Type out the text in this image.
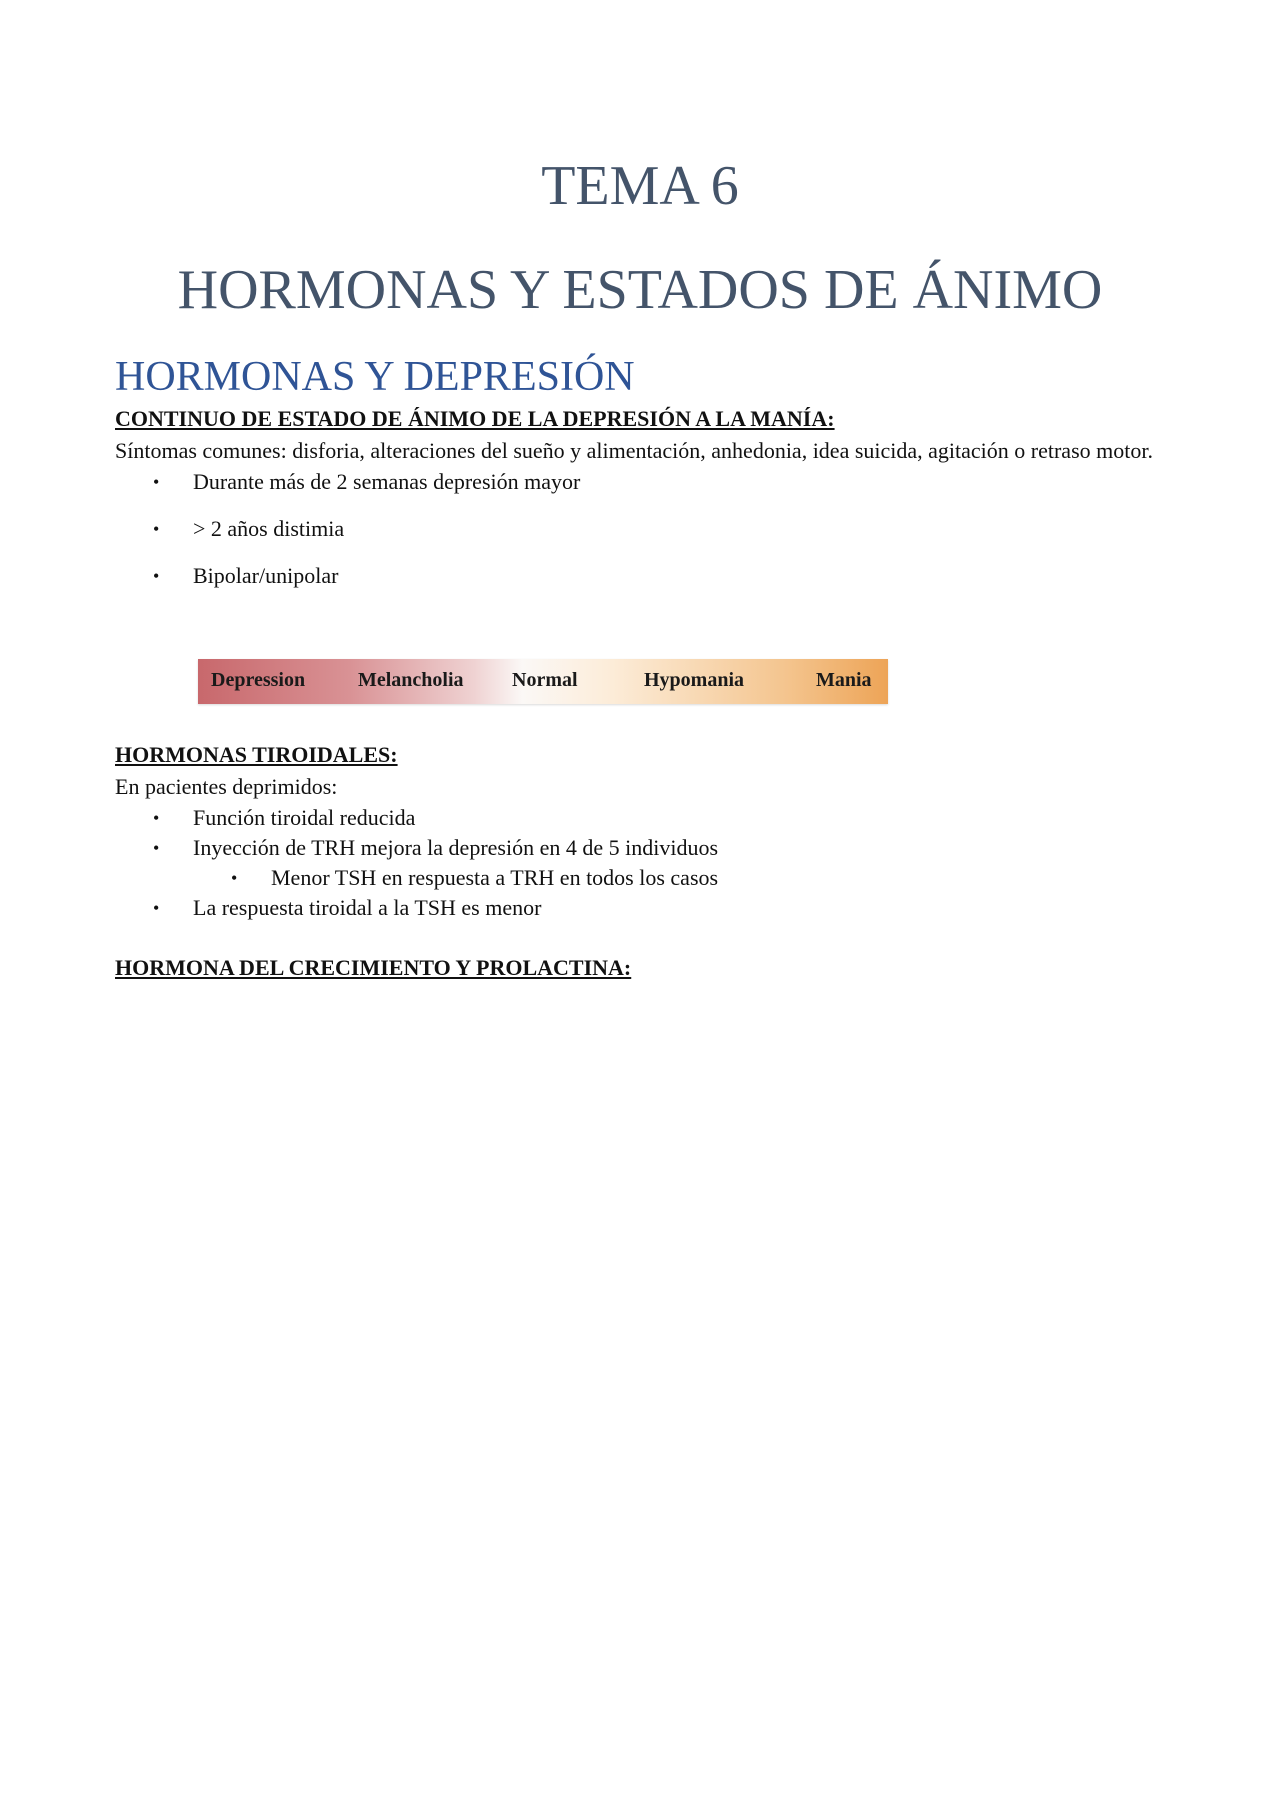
TEMA 6
HORMONAS Y ESTADOS DE ÁNIMO
HORMONAS Y DEPRESIÓN
CONTINUO DE ESTADO DE ÁNIMO DE LA DEPRESIÓN A LA MANÍA:

Síntomas comunes: disforia, alteraciones del sueño y alimentación, anhedonia, idea suicida, agitación o retraso motor.

• Durante más de 2 semanas depresión mayor
• > 2 años distimia
• Bipolar/unipolar
Depression	Melancholia Normal	Hypomania	Mania
HORMONAS TIROIDALES:

En pacientes deprimidos:

• Función tiroidal reducida
• Inyección de TRH mejora la depresión en 4 de 5 individuos
• Menor TSH en respuesta a TRH en todos los casos
• La respuesta tiroidal a la TSH es menor
HORMONA DEL CRECIMIENTO Y PROLACTINA:
